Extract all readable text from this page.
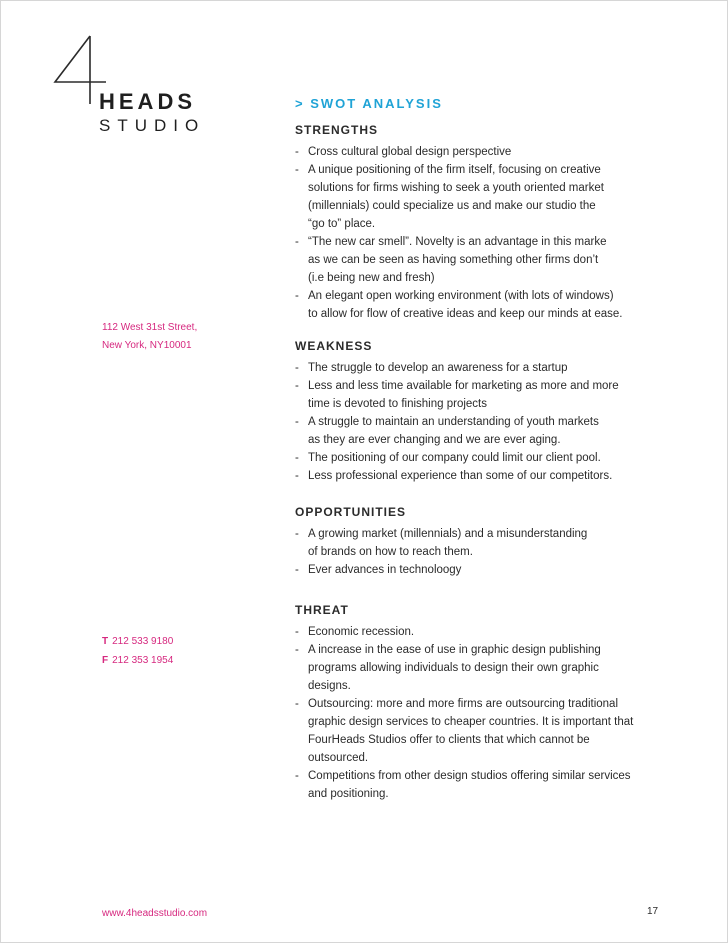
HEADS
STUDIO
112 West 31st Street,
New York, NY10001
T 212 533 9180
F 212 353 1954
www.4headsstudio.com	17
> SWOT ANALYSIS
STRENGTHS
- Cross cultural global design perspective
- A unique positioning of the firm itself, focusing on creative
solutions for firms wishing to seek a youth oriented market
(millennials) could specialize us and make our studio the
“go to” place.
- “The new car smell”. Novelty is an advantage in this marke
as we can be seen as having something other firms don’t
(i.e being new and fresh)
- An elegant open working environment (with lots of windows)
to allow for flow of creative ideas and keep our minds at ease.
WEAKNESS
- The struggle to develop an awareness for a startup
- Less and less time available for marketing as more and more
time is devoted to finishing projects
- A struggle to maintain an understanding of youth markets
as they are ever changing and we are ever aging.
- The positioning of our company could limit our client pool.
- Less professional experience than some of our competitors.
OPPORTUNITIES
- A growing market (millennials) and a misunderstanding
of brands on how to reach them.
- Ever advances in technoloogy
THREAT
- Economic recession.
- A increase in the ease of use in graphic design publishing
programs allowing individuals to design their own graphic
designs.
- Outsourcing: more and more firms are outsourcing traditional
graphic design services to cheaper countries. It is important that
FourHeads Studios offer to clients that which cannot be
outsourced.
- Competitions from other design studios offering similar services
and positioning.
